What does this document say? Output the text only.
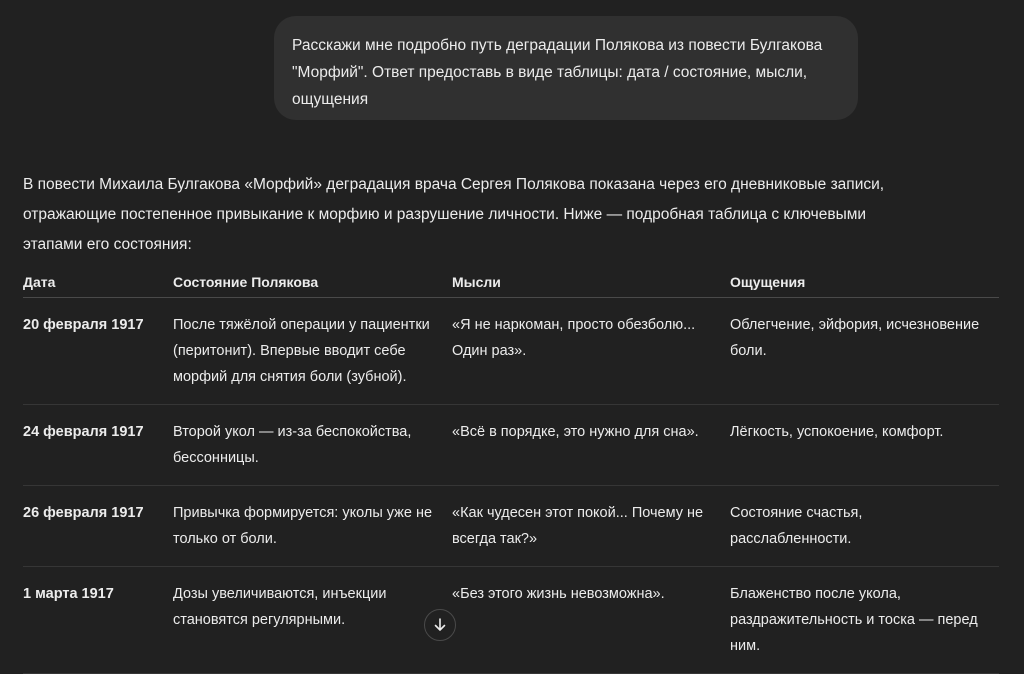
Расскажи мне подробно путь деградации Полякова из повести Булгакова "Морфий". Ответ предоставь в виде таблицы: дата / состояние, мысли, ощущения
В повести Михаила Булгакова «Морфий» деградация врача Сергея Полякова показана через его дневниковые записи, отражающие постепенное привыкание к морфию и разрушение личности. Ниже — подробная таблица с ключевыми этапами его состояния:
Дата	Состояние Полякова	Мысли	Ощущения
20 февраля 1917	После тяжёлой операции у пациентки (перитонит). Впервые вводит себе морфий для снятия боли (зубной).	«Я не наркоман, просто обезболю... Один раз».	Облегчение, эйфория, исчезновение боли.
24 февраля 1917	Второй укол — из-за беспокойства, бессонницы.	«Всё в порядке, это нужно для сна».	Лёгкость, успокоение, комфорт.
26 февраля 1917	Привычка формируется: уколы уже не только от боли.	«Как чудесен этот покой... Почему не всегда так?»	Состояние счастья, расслабленности.
1 марта 1917	Дозы увеличиваются, инъекции становятся регулярными.	«Без этого жизнь невозможна».	Блаженство после укола, раздражительность и тоска — перед ним.
